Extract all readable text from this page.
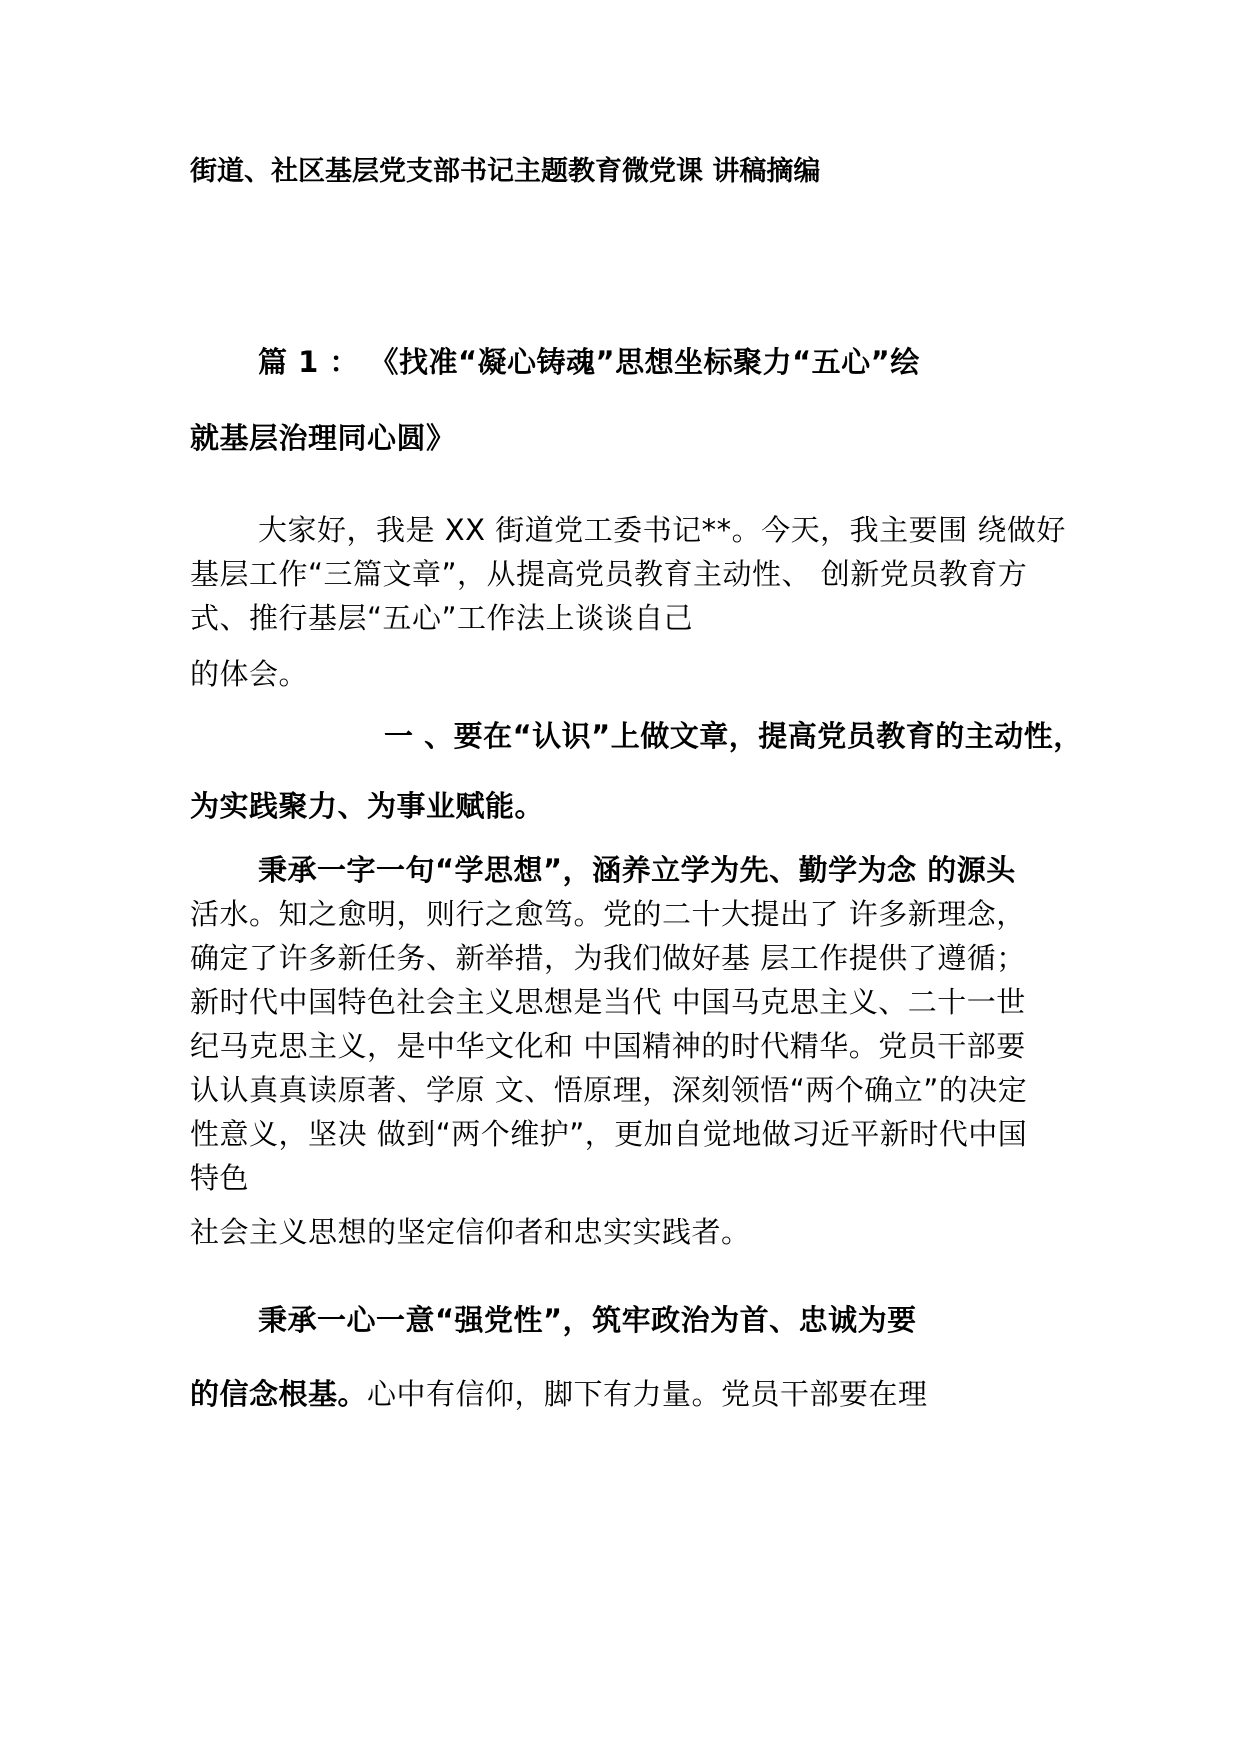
街道、社区基层党支部书记主题教育微党课 讲稿摘编
篇 1 ： 《找准“凝心铸魂”思想坐标聚力“五心”绘
就基层治理同心圆》
大家好，我是 XX 街道党工委书记**。今天，我主要围 绕做好
基层工作“三篇文章”，从提高党员教育主动性、 创新党员教育方
式、推行基层“五心”工作法上谈谈自己
的体会。
一 、要在“认识”上做文章，提高党员教育的主动性，
为实践聚力、为事业赋能。
秉承一字一句“学思想”，涵养立学为先、勤学为念 的源头
活水。知之愈明，则行之愈笃。党的二十大提出了 许多新理念，
确定了许多新任务、新举措，为我们做好基 层工作提供了遵循；
新时代中国特色社会主义思想是当代 中国马克思主义、二十一世
纪马克思主义，是中华文化和 中国精神的时代精华。党员干部要
认认真真读原著、学原 文、悟原理，深刻领悟“两个确立”的决定
性意义，坚决 做到“两个维护”，更加自觉地做习近平新时代中国
特色
社会主义思想的坚定信仰者和忠实实践者。
秉承一心一意“强党性”，筑牢政治为首、忠诚为要
的信念根基。心中有信仰，脚下有力量。党员干部要在理
